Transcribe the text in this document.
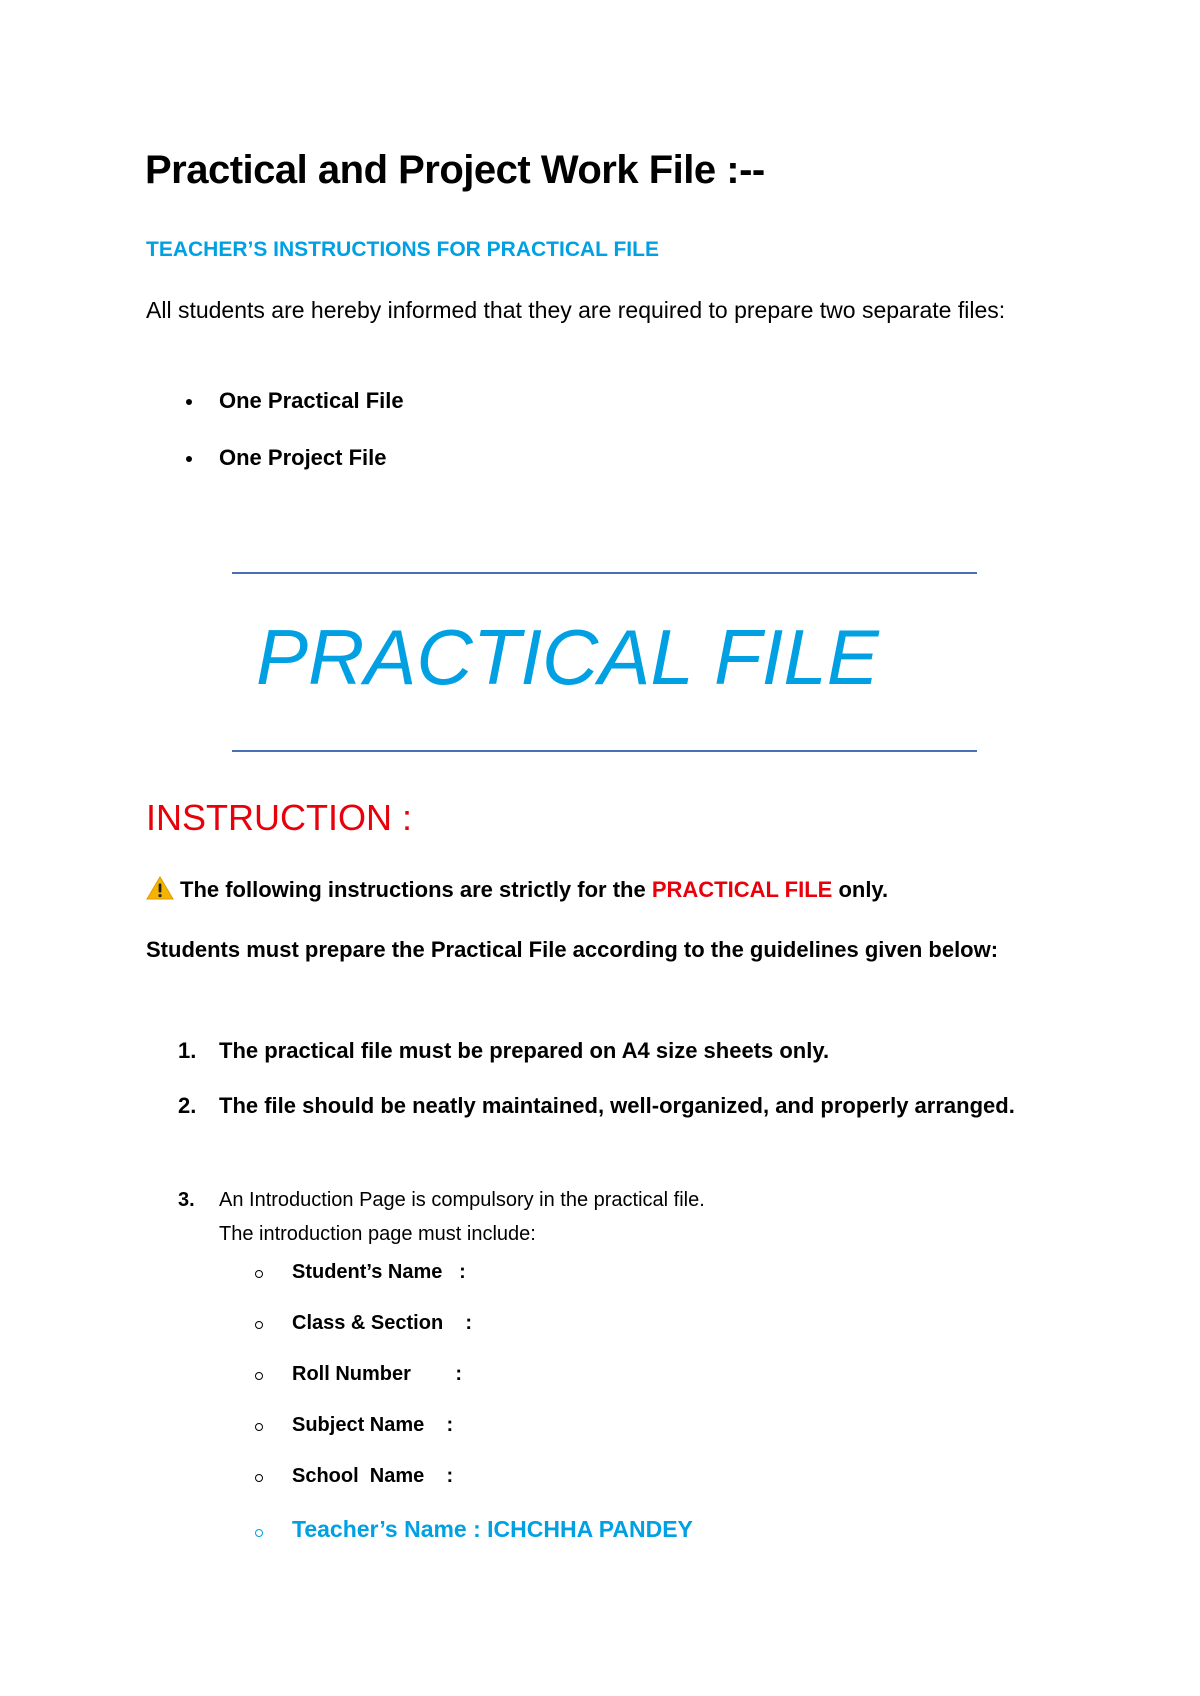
Practical and Project Work File :--
TEACHER’S INSTRUCTIONS FOR PRACTICAL FILE

All students are hereby informed that they are required to prepare two separate files:

One Practical File
One Project File
PRACTICAL FILE
INSTRUCTION :
The following instructions are strictly for the PRACTICAL FILE only.

Students must prepare the Practical File according to the guidelines given below:

1. The practical file must be prepared on A4 size sheets only.
2. The file should be neatly maintained, well-organized, and properly arranged.
3. An Introduction Page is compulsory in the practical file.
The introduction page must include:
Student’s Name   :
Class & Section    :
Roll Number        :
Subject Name    :
School  Name    :
Teacher’s Name : ICHCHHA PANDEY
